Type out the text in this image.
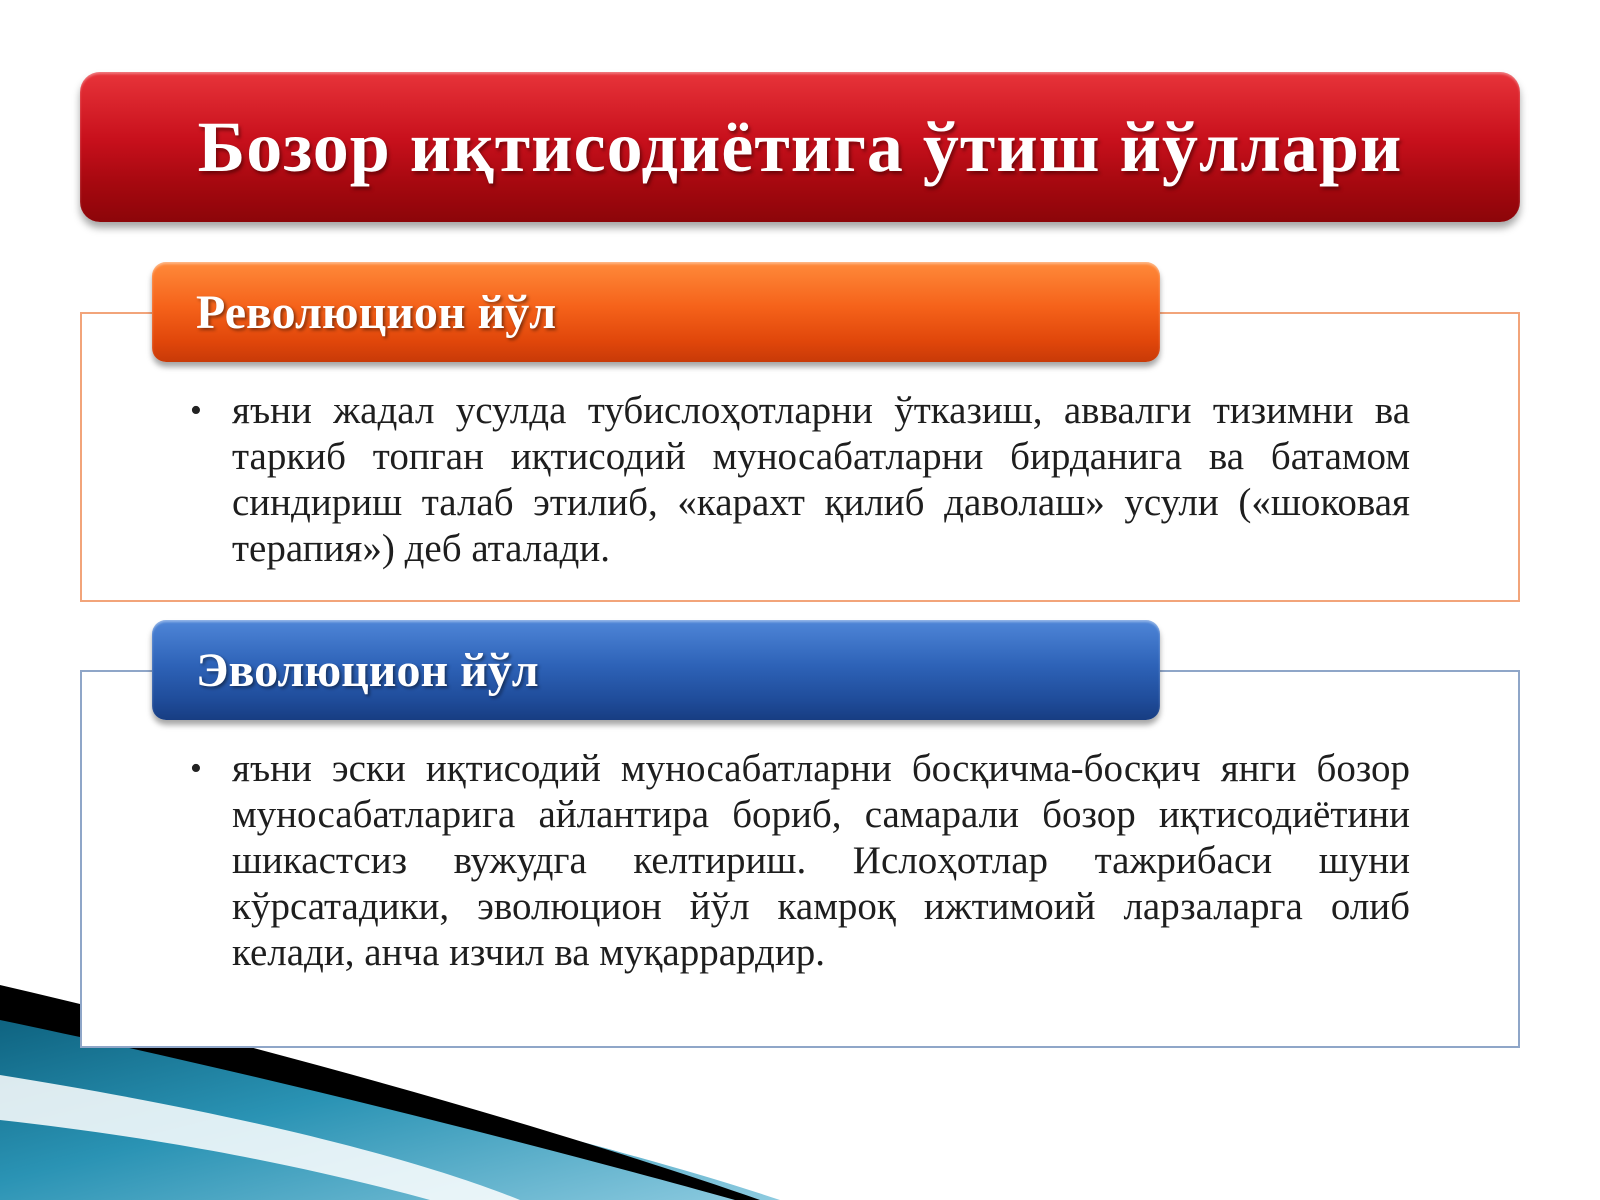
Бозор иқтисодиётига ўтиш йўллари
Революцион йўл
• яъни жадал усулда тубислоҳотларни ўтказиш, аввалги тизимни ва таркиб топган иқтисодий муносабатларни бирданига ва батамом синдириш талаб этилиб, «карахт қилиб даволаш» усули («шоковая терапия») деб аталади.
Эволюцион йўл
• яъни эски иқтисодий муносабатларни босқичма-босқич янги бозор муносабатларига айлантира бориб, самарали бозор иқтисодиётини шикастсиз вужудга келтириш. Ислоҳотлар тажрибаси шуни кўрсатадики, эволюцион йўл камроқ ижтимоий ларзаларга олиб келади, анча изчил ва муқаррардир.
